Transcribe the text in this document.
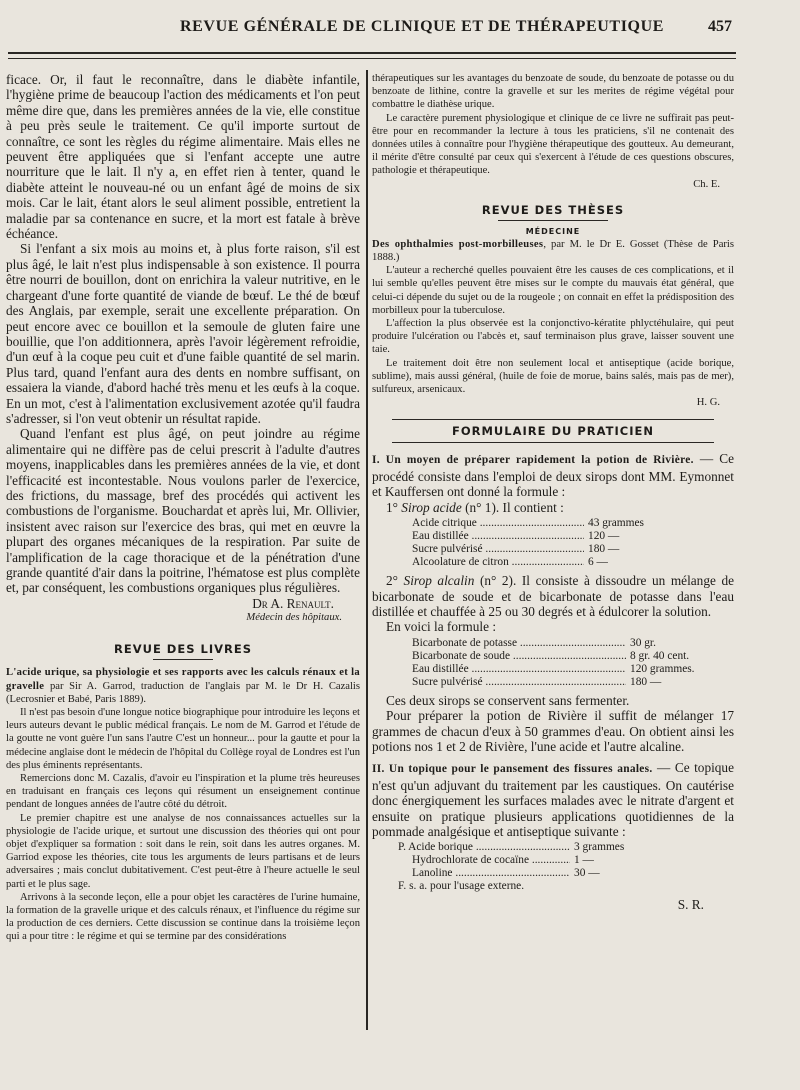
REVUE GÉNÉRALE DE CLINIQUE ET DE THÉRAPEUTIQUE	457

ficace. Or, il faut le reconnaître, dans le diabète infantile, l'hygiène prime de beaucoup l'action des médicaments et l'on peut même dire que, dans les premières années de la vie, elle constitue à peu près seule le traitement. Ce qu'il importe surtout de connaître, ce sont les règles du régime alimentaire. Mais elles ne peuvent être appliquées que si l'enfant accepte une autre nourriture que le lait. Il n'y a, en effet rien à tenter, quand le diabète atteint le nouveau-né ou un enfant âgé de moins de six mois. Car le lait, étant alors le seul aliment possible, entretient la maladie par sa contenance en sucre, et la mort est fatale à brève échéance.

Si l'enfant a six mois au moins et, à plus forte raison, s'il est plus âgé, le lait n'est plus indispensable à son existence. Il pourra être nourri de bouillon, dont on enrichira la valeur nutritive, en le chargeant d'une forte quantité de viande de bœuf. Le thé de bœuf des Anglais, par exemple, serait une excellente préparation. On peut encore avec ce bouillon et la semoule de gluten faire une bouillie, que l'on additionnera, après l'avoir légèrement refroidie, d'un œuf à la coque peu cuit et d'une faible quantité de sel marin. Plus tard, quand l'enfant aura des dents en nombre suffisant, on essaiera la viande, d'abord haché très menu et les œufs à la coque. En un mot, c'est à l'alimentation exclusivement azotée qu'il faudra s'adresser, si l'on veut obtenir un résultat rapide.

Quand l'enfant est plus âgé, on peut joindre au régime alimentaire qui ne diffère pas de celui prescrit à l'adulte d'autres moyens, inapplicables dans les premières années de la vie, et dont l'efficacité est incontestable. Nous voulons parler de l'exercice, des frictions, du massage, bref des procédés qui activent les combustions de l'organisme. Bouchardat et après lui, Mr. Ollivier, insistent avec raison sur l'exercice des bras, qui met en œuvre la plupart des organes mécaniques de la respiration. Par suite de l'amplification de la cage thoracique et de la pénétration d'une grande quantité d'air dans la poitrine, l'hématose est plus complète et, par conséquent, les combustions organiques plus régulières.

Dr A. Renault.

Médecin des hôpitaux.

REVUE DES LIVRES

L'acide urique, sa physiologie et ses rapports avec les calculs rénaux et la gravelle par Sir A. Garrod, traduction de l'anglais par M. le Dr H. Cazalis (Lecrosnier et Babé, Paris 1889).

Il n'est pas besoin d'une longue notice biographique pour introduire les leçons et leurs auteurs devant le public médical français. Le nom de M. Garrod et l'étude de la goutte ne vont guère l'un sans l'autre C'est un honneur... pour la gautte et pour la médecine anglaise dont le médecin de l'hôpital du Collège royal de Londres est l'un des plus éminents représentants.

Remercions donc M. Cazalis, d'avoir eu l'inspiration et la plume très heureuses en traduisant en français ces leçons qui résument un enseignement continue pendant de longues années de l'autre côté du détroit.

Le premier chapitre est une analyse de nos connaissances actuelles sur la physiologie de l'acide urique, et surtout une discussion des théories qui ont pour objet d'expliquer sa formation : soit dans le rein, soit dans les autres organes. M. Garriod expose les théories, cite tous les arguments de leurs partisans et de leurs adversaires ; mais conclut dubitativement. C'est peut-être à l'heure actuelle le seul parti et le plus sage.

Arrivons à la seconde leçon, elle a pour objet les caractères de l'urine humaine, la formation de la gravelle urique et des calculs rénaux, et l'influence du régime sur la production de ces derniers. Cette discussion se continue dans la troisième leçon qui a pour titre : le régime et qui se termine par des considérations

thérapeutiques sur les avantages du benzoate de soude, du benzoate de potasse ou du benzoate de lithine, contre la gravelle et sur les merites de régime végétal pour combattre le diathèse urique.

Le caractère purement physiologique et clinique de ce livre ne suffirait pas peut-être pour en recommander la lecture à tous les praticiens, s'il ne contenait des données utiles à connaître pour l'hygiène thérapeutique des goutteux. Au demeurant, il mérite d'être consulté par ceux qui s'exercent à l'étude de ces questions obscures, pathologie et thérapeutique.

Ch. E.

REVUE DES THÈSES
MÉDECINE

Des ophthalmies post-morbilleuses, par M. le Dr E. Gosset (Thèse de Paris 1888.)

L'auteur a recherché quelles pouvaient être les causes de ces complications, et il lui semble qu'elles peuvent être mises sur le compte du mauvais état général, que celui-ci dépende du sujet ou de la rougeole ; on connait en effet la prédisposition des morbilleux pour la tuberculose.

L'affection la plus observée est la conjonctivo-kératite phlyctéhulaire, qui peut produire l'ulcération ou l'abcès et, sauf terminaison plus grave, laisser souvent une taie.

Le traitement doit être non seulement local et antiseptique (acide borique, sublime), mais aussi général, (huile de foie de morue, bains salés, mais pas de mer), sulfureux, arsenicaux.

H. G.

FORMULAIRE DU PRATICIEN

I. Un moyen de préparer rapidement la potion de Rivière. — Ce procédé consiste dans l'emploi de deux sirops dont MM. Eymonnet et Kauffersen ont donné la formule :

1° Sirop acide (n° 1). Il contient :

Acide citrique .....	43 grammes
Eau distillée .....	120 —
Sucre pulvérisé .....	180 —
Alcoolature de citron .....	6 —

2° Sirop alcalin (n° 2). Il consiste à dissoudre un mélange de bicarbonate de soude et de bicarbonate de potasse dans l'eau distillée et chauffée à 25 ou 30 degrés et à édulcorer la solution.

En voici la formule :

Bicarbonate de potasse .....	30 gr.
Bicarbonate de soude .....	8 gr. 40 cent.
Eau distillée .....	120 grammes.
Sucre pulvérisé .....	180 —

Ces deux sirops se conservent sans fermenter.

Pour préparer la potion de Rivière il suffit de mélanger 17 grammes de chacun d'eux à 50 grammes d'eau. On obtient ainsi les potions nos 1 et 2 de Rivière, l'une acide et l'autre alcaline.

II. Un topique pour le pansement des fissures anales. — Ce topique n'est qu'un adjuvant du traitement par les caustiques. On cautérise donc énergiquement les surfaces malades avec le nitrate d'argent et ensuite on pratique plusieurs applications quotidiennes de la pommade analgésique et antiseptique suivante :

P. Acide borique .....	3 grammes
Hydrochlorate de cocaïne .....	1 —
Lanoline .....	30 —
F. s. a. pour l'usage externe.

S. R.
